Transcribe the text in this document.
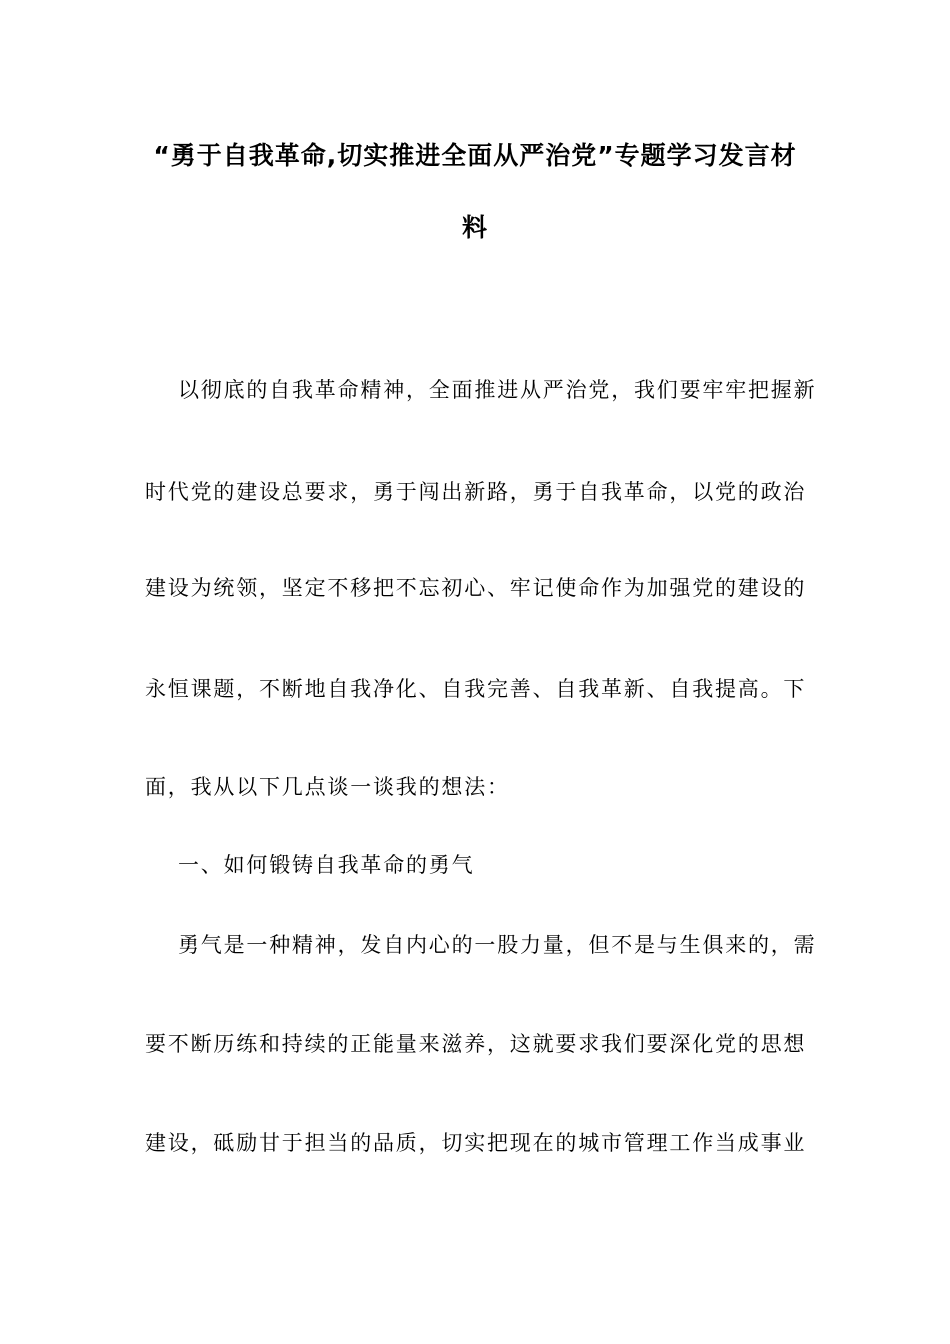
“勇于自我革命,切实推进全面从严治党”专题学习发言材
料
以彻底的自我革命精神，全面推进从严治党，我们要牢牢把握新
时代党的建设总要求，勇于闯出新路，勇于自我革命，以党的政治
建设为统领，坚定不移把不忘初心、牢记使命作为加强党的建设的
永恒课题，不断地自我净化、自我完善、自我革新、自我提高。下
面，我从以下几点谈一谈我的想法：
一、如何锻铸自我革命的勇气
勇气是一种精神，发自内心的一股力量，但不是与生俱来的，需
要不断历练和持续的正能量来滋养，这就要求我们要深化党的思想
建设，砥励甘于担当的品质，切实把现在的城市管理工作当成事业
